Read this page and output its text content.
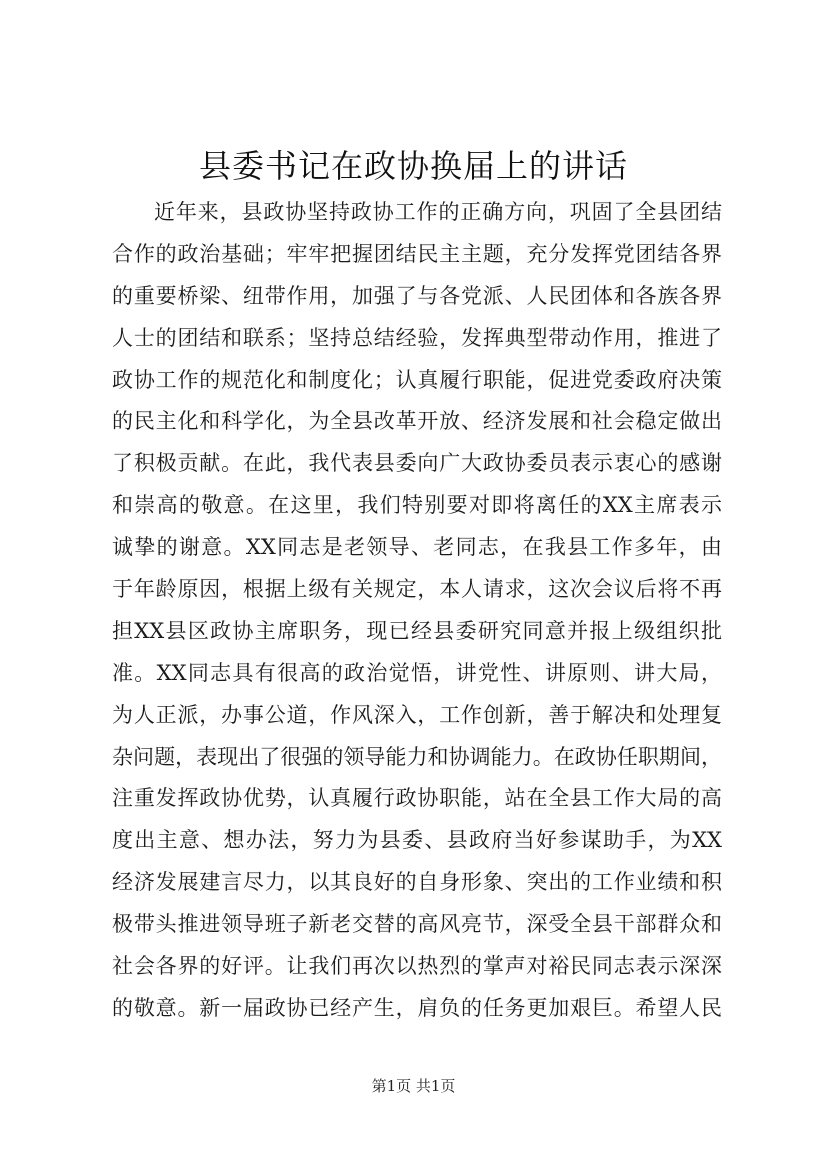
县委书记在政协换届上的讲话
近年来，县政协坚持政协工作的正确方向，巩固了全县团结
合作的政治基础；牢牢把握团结民主主题，充分发挥党团结各界
的重要桥梁、纽带作用，加强了与各党派、人民团体和各族各界
人士的团结和联系；坚持总结经验，发挥典型带动作用，推进了
政协工作的规范化和制度化；认真履行职能，促进党委政府决策
的民主化和科学化，为全县改革开放、经济发展和社会稳定做出
了积极贡献。在此，我代表县委向广大政协委员表示衷心的感谢
和崇高的敬意。在这里，我们特别要对即将离任的XX主席表示
诚挚的谢意。XX同志是老领导、老同志，在我县工作多年，由
于年龄原因，根据上级有关规定，本人请求，这次会议后将不再
担XX县区政协主席职务，现已经县委研究同意并报上级组织批
准。XX同志具有很高的政治觉悟，讲党性、讲原则、讲大局，
为人正派，办事公道，作风深入，工作创新，善于解决和处理复
杂问题，表现出了很强的领导能力和协调能力。在政协任职期间，
注重发挥政协优势，认真履行政协职能，站在全县工作大局的高
度出主意、想办法，努力为县委、县政府当好参谋助手，为XX
经济发展建言尽力，以其良好的自身形象、突出的工作业绩和积
极带头推进领导班子新老交替的高风亮节，深受全县干部群众和
社会各界的好评。让我们再次以热烈的掌声对裕民同志表示深深
的敬意。新一届政协已经产生，肩负的任务更加艰巨。希望人民
第1页 共1页
